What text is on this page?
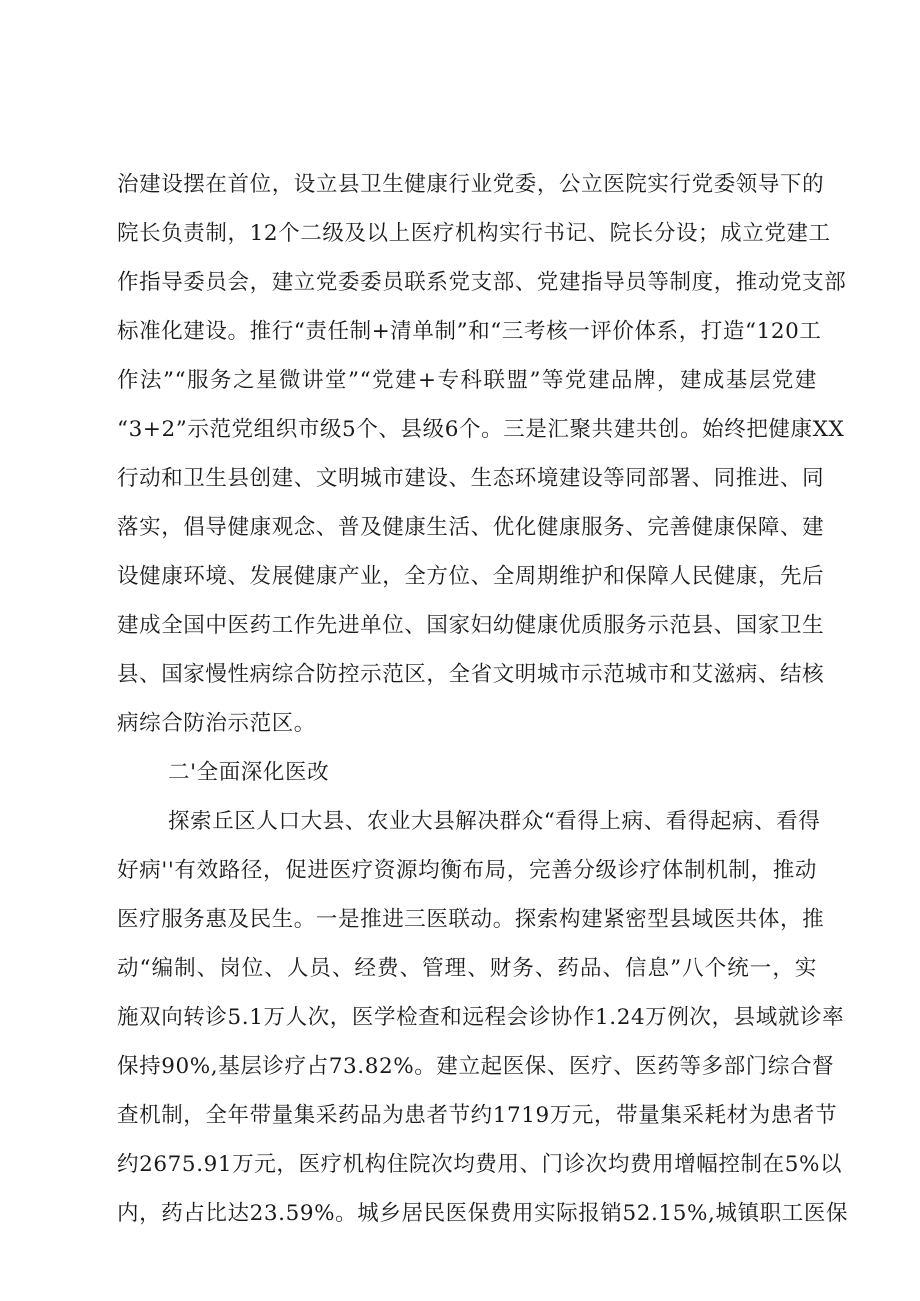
治建设摆在首位，设立县卫生健康行业党委，公立医院实行党委领导下的
院长负责制，12个二级及以上医疗机构实行书记、院长分设；成立党建工
作指导委员会，建立党委委员联系党支部、党建指导员等制度，推动党支部
标准化建设。推行“责任制+清单制”和“三考核一评价体系，打造“120工
作法”“服务之星微讲堂”“党建+专科联盟”等党建品牌，建成基层党建
“3+2”示范党组织市级5个、县级6个。三是汇聚共建共创。始终把健康XX
行动和卫生县创建、文明城市建设、生态环境建设等同部署、同推进、同
落实，倡导健康观念、普及健康生活、优化健康服务、完善健康保障、建
设健康环境、发展健康产业，全方位、全周期维护和保障人民健康，先后
建成全国中医药工作先进单位、国家妇幼健康优质服务示范县、国家卫生
县、国家慢性病综合防控示范区，全省文明城市示范城市和艾滋病、结核
病综合防治示范区。
二'全面深化医改
探索丘区人口大县、农业大县解决群众“看得上病、看得起病、看得
好病''有效路径，促进医疗资源均衡布局，完善分级诊疗体制机制，推动
医疗服务惠及民生。一是推进三医联动。探索构建紧密型县域医共体，推
动“编制、岗位、人员、经费、管理、财务、药品、信息”八个统一，实
施双向转诊5.1万人次，医学检查和远程会诊协作1.24万例次，县域就诊率
保持90%,基层诊疗占73.82%。建立起医保、医疗、医药等多部门综合督
查机制，全年带量集采药品为患者节约1719万元，带量集采耗材为患者节
约2675.91万元，医疗机构住院次均费用、门诊次均费用增幅控制在5%以
内，药占比达23.59%。城乡居民医保费用实际报销52.15%,城镇职工医保
